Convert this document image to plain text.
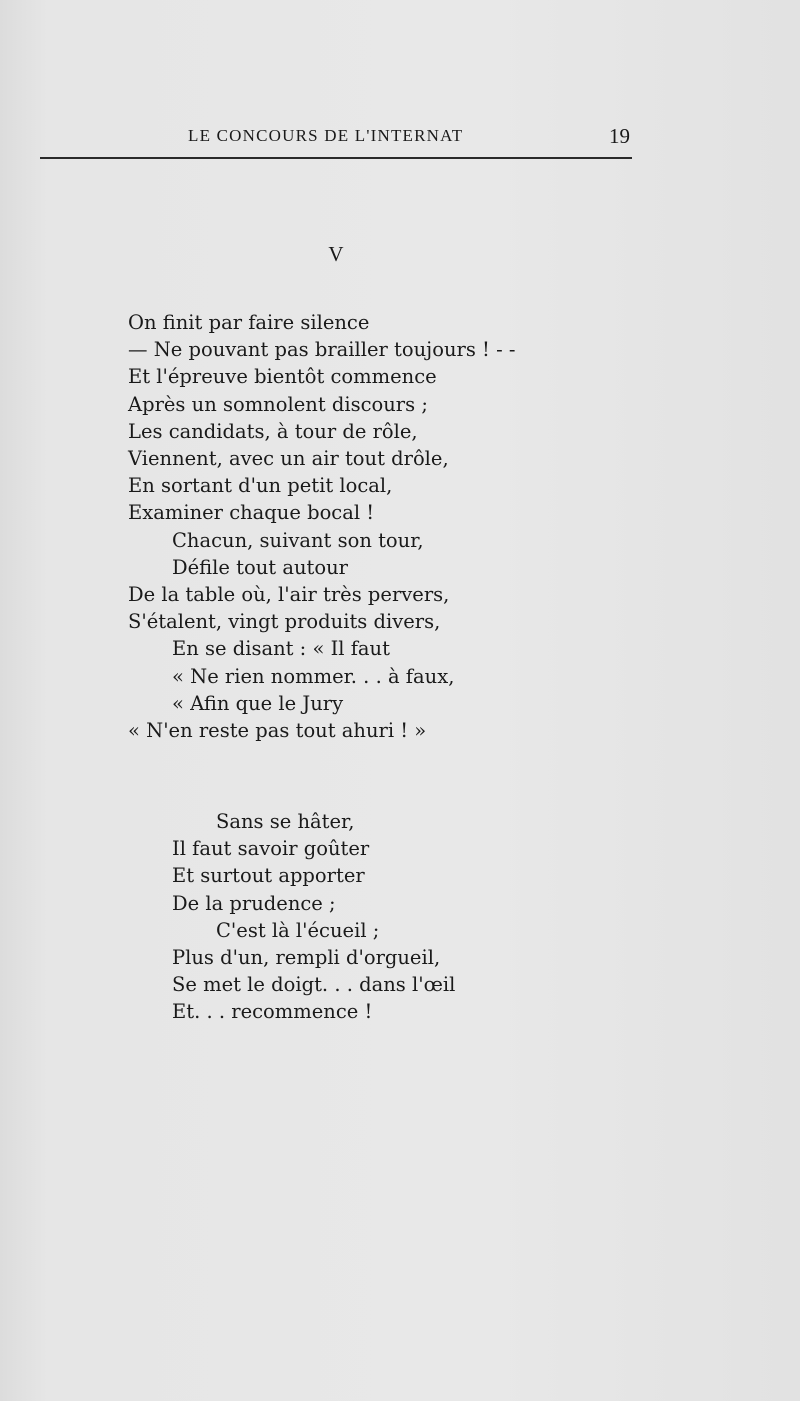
LE CONCOURS DE L'INTERNAT	19
V
On finit par faire silence
— Ne pouvant pas brailler toujours ! - -
Et l'épreuve bientôt commence
Après un somnolent discours ;
Les candidats, à tour de rôle,
Viennent, avec un air tout drôle,
En sortant d'un petit local,
Examiner chaque bocal !
Chacun, suivant son tour,
Défile tout autour
De la table où, l'air très pervers,
S'étalent, vingt produits divers,
En se disant : « Il faut
« Ne rien nommer. . . à faux,
« Afin que le Jury
« N'en reste pas tout ahuri ! »
Sans se hâter,
Il faut savoir goûter
Et surtout apporter
De la prudence ;
C'est là l'écueil ;
Plus d'un, rempli d'orgueil,
Se met le doigt. . . dans l'œil
Et. . . recommence !
